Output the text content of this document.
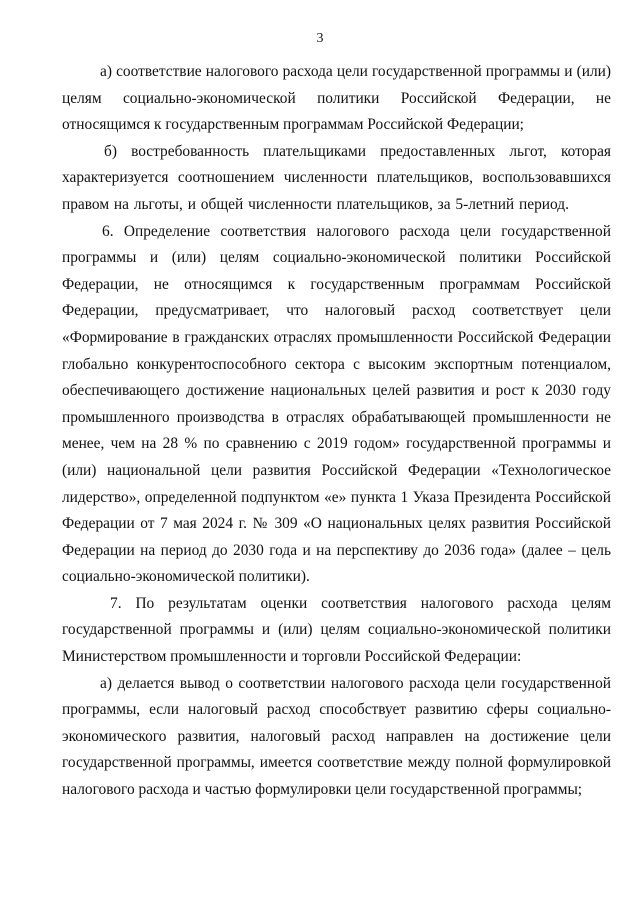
3

а) соответствие налогового расхода цели государственной программы и (или) целям социально-экономической политики Российской Федерации, не относящимся к государственным программам Российской Федерации;

б) востребованность плательщиками предоставленных льгот, которая характеризуется соотношением численности плательщиков, воспользовавшихся правом на льготы, и общей численности плательщиков, за 5-летний период.

6. Определение соответствия налогового расхода цели государственной программы и (или) целям социально-экономической политики Российской Федерации, не относящимся к государственным программам Российской Федерации, предусматривает, что налоговый расход соответствует цели «Формирование в гражданских отраслях промышленности Российской Федерации глобально конкурентоспособного сектора с высоким экспортным потенциалом, обеспечивающего достижение национальных целей развития и рост к 2030 году промышленного производства в отраслях обрабатывающей промышленности не менее, чем на 28 % по сравнению с 2019 годом» государственной программы и (или) национальной цели развития Российской Федерации «Технологическое лидерство», определенной подпунктом «е» пункта 1 Указа Президента Российской Федерации от 7 мая 2024 г. № 309 «О национальных целях развития Российской Федерации на период до 2030 года и на перспективу до 2036 года» (далее – цель социально-экономической политики).

7. По результатам оценки соответствия налогового расхода целям государственной программы и (или) целям социально-экономической политики Министерством промышленности и торговли Российской Федерации:

а) делается вывод о соответствии налогового расхода цели государственной программы, если налоговый расход способствует развитию сферы социально-экономического развития, налоговый расход направлен на достижение цели государственной программы, имеется соответствие между полной формулировкой налогового расхода и частью формулировки цели государственной программы;
